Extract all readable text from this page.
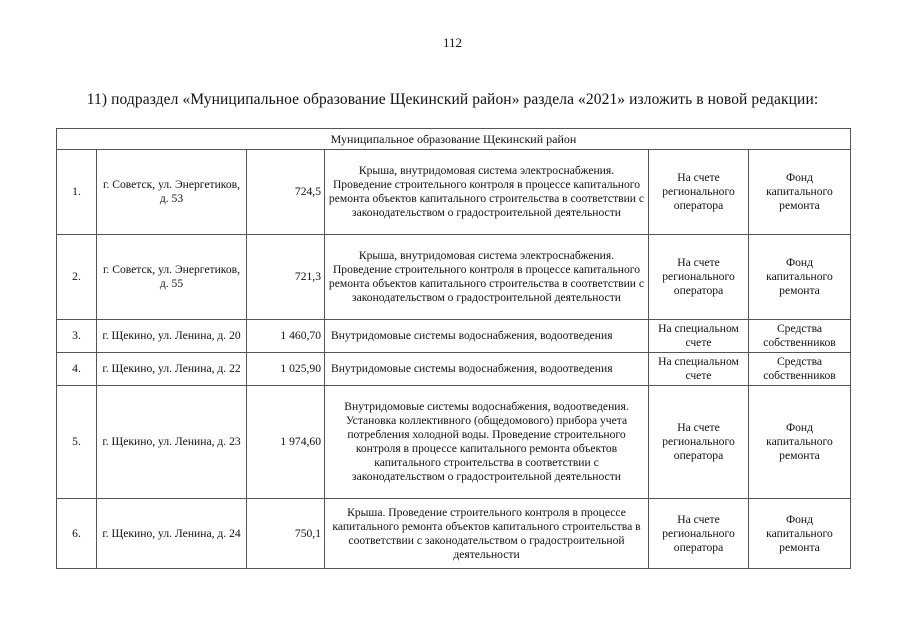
112
11) подраздел «Муниципальное образование Щекинский район» раздела «2021» изложить в новой редакции:
Муниципальное образование Щекинский район					
1.	г. Советск, ул. Энергетиков, д. 53	724,5	Крыша, внутридомовая система электроснабжения. Проведение строительного контроля в процессе капитального ремонта объектов капитального строительства в соответствии с законодательством о градостроительной деятельности	На счете регионального оператора	Фонд капитального ремонта
2.	г. Советск, ул. Энергетиков, д. 55	721,3	Крыша, внутридомовая система электроснабжения. Проведение строительного контроля в процессе капитального ремонта объектов капитального строительства в соответствии с законодательством о градостроительной деятельности	На счете регионального оператора	Фонд капитального ремонта
3.	г. Щекино, ул. Ленина, д. 20	1 460,70	Внутридомовые системы водоснабжения, водоотведения	На специальном счете	Средства собственников
4.	г. Щекино, ул. Ленина, д. 22	1 025,90	Внутридомовые системы водоснабжения, водоотведения	На специальном счете	Средства собственников
5.	г. Щекино, ул. Ленина, д. 23	1 974,60	Внутридомовые системы водоснабжения, водоотведения. Установка коллективного (общедомового) прибора учета потребления холодной воды. Проведение строительного контроля в процессе капитального ремонта объектов капитального строительства в соответствии с законодательством о градостроительной деятельности	На счете регионального оператора	Фонд капитального ремонта
6.	г. Щекино, ул. Ленина, д. 24	750,1	Крыша. Проведение строительного контроля в процессе капитального ремонта объектов капитального строительства в соответствии с законодательством о градостроительной деятельности	На счете регионального оператора	Фонд капитального ремонта
